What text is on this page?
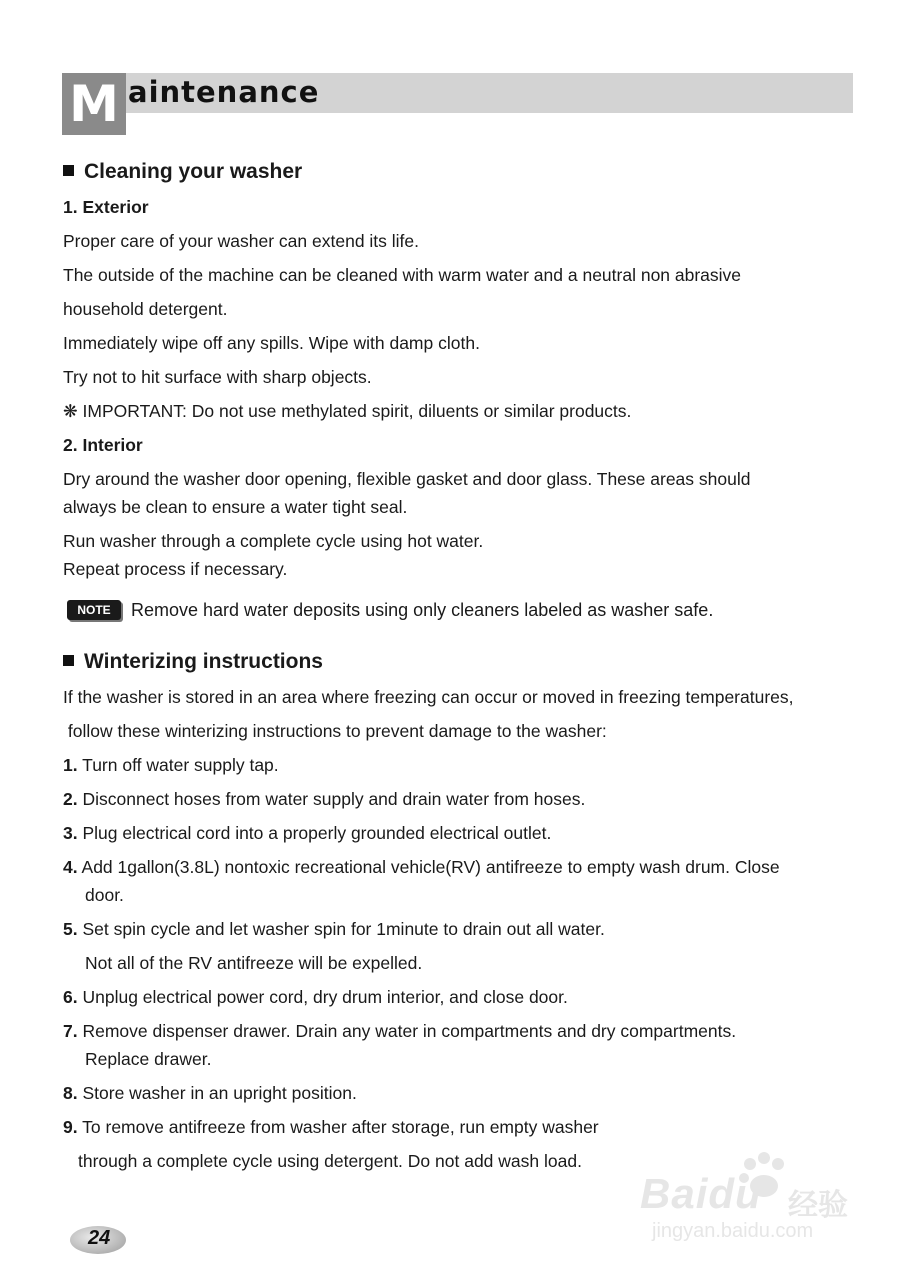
M aintenance
Cleaning your washer
1. Exterior
Proper care of your washer can extend its life.
The outside of the machine can be cleaned with warm water and a neutral non abrasive
household detergent.
Immediately wipe off any spills. Wipe with damp cloth.
Try not to hit surface with sharp objects.
❋ IMPORTANT: Do not use methylated spirit, diluents or similar products.
2. Interior
Dry around the washer door opening, flexible gasket and door glass. These areas should
always be clean to ensure a water tight seal.
Run washer through a complete cycle using hot water.
Repeat process if necessary.
NOTE	Remove hard water deposits using only cleaners labeled as washer safe.
Winterizing instructions
If the washer is stored in an area where freezing can occur or moved in freezing temperatures,
follow these winterizing instructions to prevent damage to the washer:
1. Turn off water supply tap.
2. Disconnect hoses from water supply and drain water from hoses.
3. Plug electrical cord into a properly grounded electrical outlet.
4. Add 1gallon(3.8L) nontoxic recreational vehicle(RV) antifreeze to empty wash drum. Close
door.
5. Set spin cycle and let washer spin for 1minute to drain out all water.
Not all of the RV antifreeze will be expelled.
6. Unplug electrical power cord, dry drum interior, and close door.
7. Remove dispenser drawer. Drain any water in compartments and dry compartments.
Replace drawer.
8. Store washer in an upright position.
9. To remove antifreeze from washer after storage, run empty washer
through a complete cycle using detergent. Do not add wash load.
24
Baidu 经验
jingyan.baidu.com
